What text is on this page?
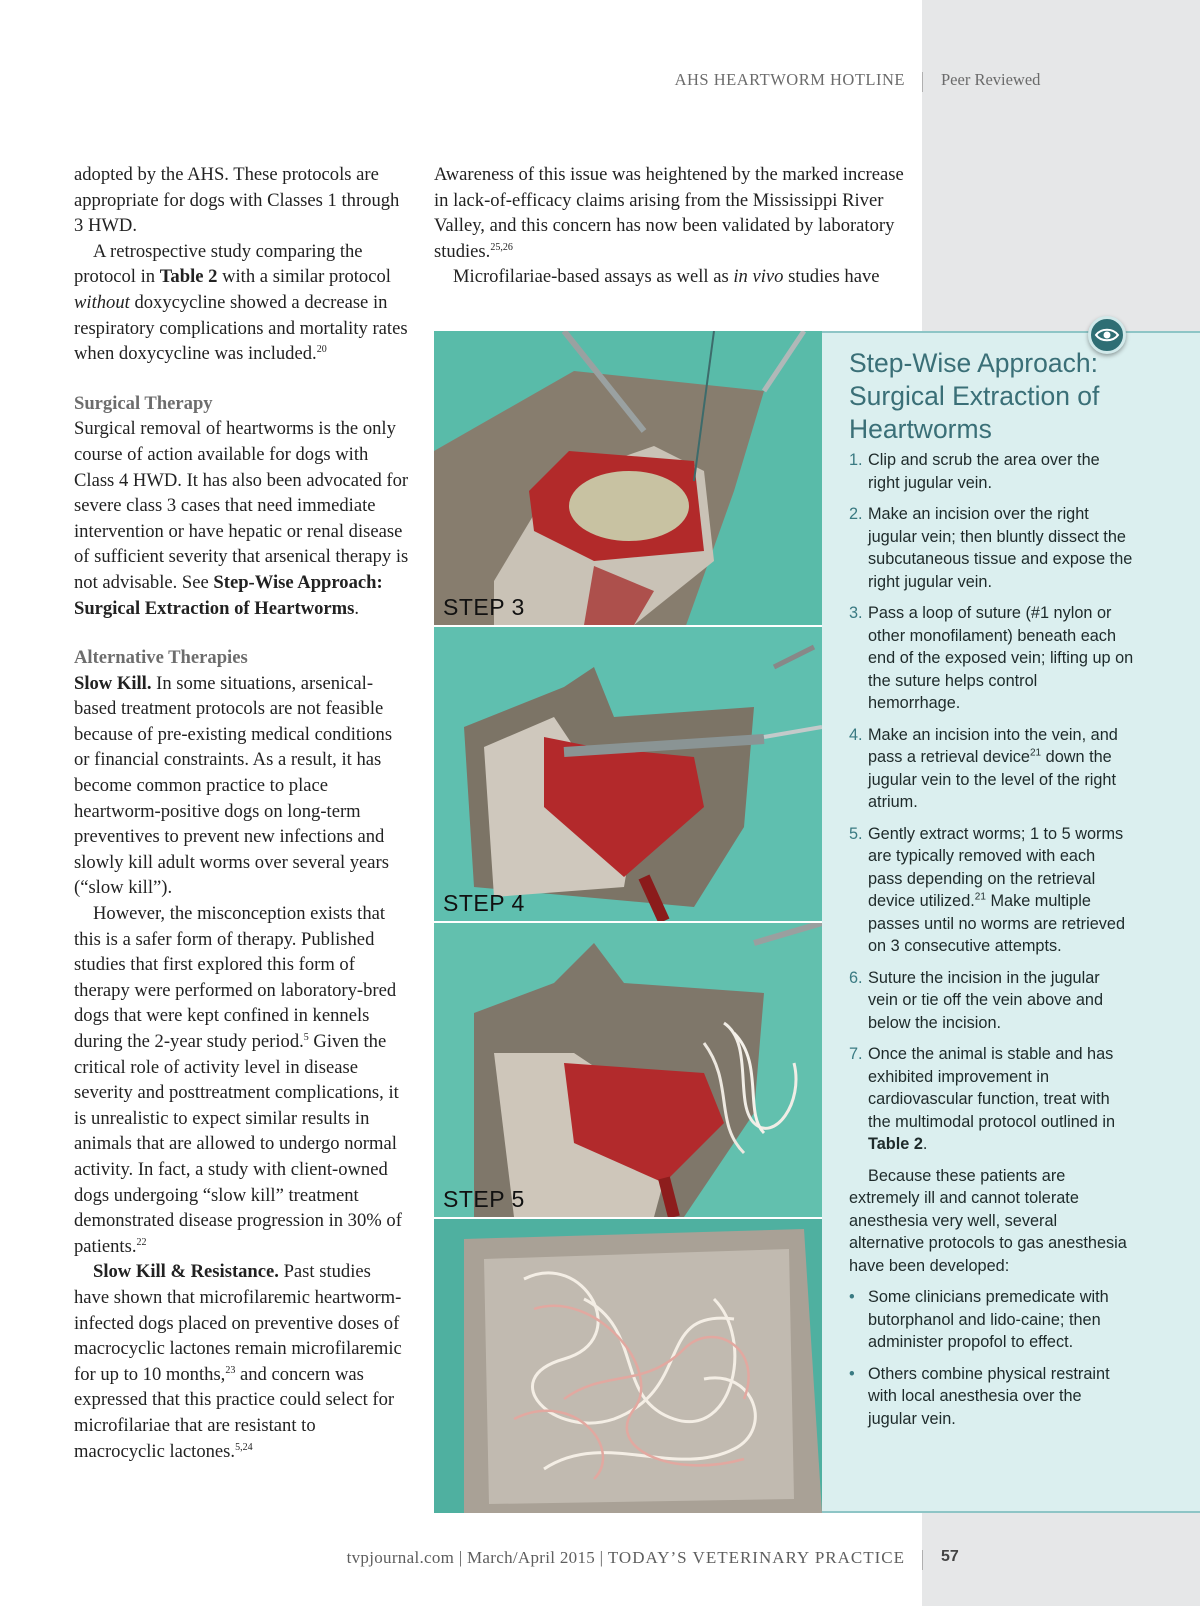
AHS HEARTWORM HOTLINE Peer Reviewed

adopted by the AHS. These protocols are appropriate for dogs with Classes 1 through 3 HWD.

A retrospective study comparing the protocol in Table 2 with a similar protocol without doxycycline showed a decrease in respiratory complications and mortality rates when doxycycline was included.$^{20}$

Surgical Therapy

Surgical removal of heartworms is the only course of action available for dogs with Class 4 HWD. It has also been advocated for severe class 3 cases that need immediate intervention or have hepatic or renal disease of sufficient severity that arsenical therapy is not advisable. See Step-Wise Approach: Surgical Extraction of Heartworms.

Alternative Therapies

Slow Kill. In some situations, arsenical-based treatment protocols are not feasible because of pre-existing medical conditions or financial constraints. As a result, it has become common practice to place heartworm-positive dogs on long-term preventives to prevent new infections and slowly kill adult worms over several years (“slow kill”).

However, the misconception exists that this is a safer form of therapy. Published studies that first explored this form of therapy were performed on laboratory-bred dogs that were kept confined in kennels during the 2-year study period.$^5$ Given the critical role of activity level in disease severity and posttreatment complications, it is unrealistic to expect similar results in animals that are allowed to undergo normal activity. In fact, a study with client-owned dogs undergoing “slow kill” treatment demonstrated disease progression in 30% of patients.$^{22}$

Slow Kill & Resistance. Past studies have shown that microfilaremic heartworm-infected dogs placed on preventive doses of macrocyclic lactones remain microfilaremic for up to 10 months,$^{23}$ and concern was expressed that this practice could select for microfilariae that are resistant to macrocyclic lactones.$^{5,24}$

Awareness of this issue was heightened by the marked increase in lack-of-efficacy claims arising from the Mississippi River Valley, and this concern has now been validated by laboratory studies.$^{25,26}$

Microfilariae-based assays as well as in vivo studies have

STEP 3
STEP 4
STEP 5
Step-Wise Approach: Surgical Extraction of Heartworms
1. Clip and scrub the area over the right jugular vein.
2. Make an incision over the right jugular vein; then bluntly dissect the subcutaneous tissue and expose the right jugular vein.
3. Pass a loop of suture (#1 nylon or other monofilament) beneath each end of the exposed vein; lifting up on the suture helps control hemorrhage.
4. Make an incision into the vein, and pass a retrieval device$^{21}$ down the jugular vein to the level of the right atrium.
5. Gently extract worms; 1 to 5 worms are typically removed with each pass depending on the retrieval device utilized.$^{21}$ Make multiple passes until no worms are retrieved on 3 consecutive attempts.
6. Suture the incision in the jugular vein or tie off the vein above and below the incision.
7. Once the animal is stable and has exhibited improvement in cardiovascular function, treat with the multimodal protocol outlined in Table 2.

Because these patients are extremely ill and cannot tolerate anesthesia very well, several alternative protocols to gas anesthesia have been developed:

• Some clinicians premedicate with butorphanol and lido-caine; then administer propofol to effect.
• Others combine physical restraint with local anesthesia over the jugular vein.
tvpjournal.com | March/April 2015 | TODAY’S VETERINARY PRACTICE 57
